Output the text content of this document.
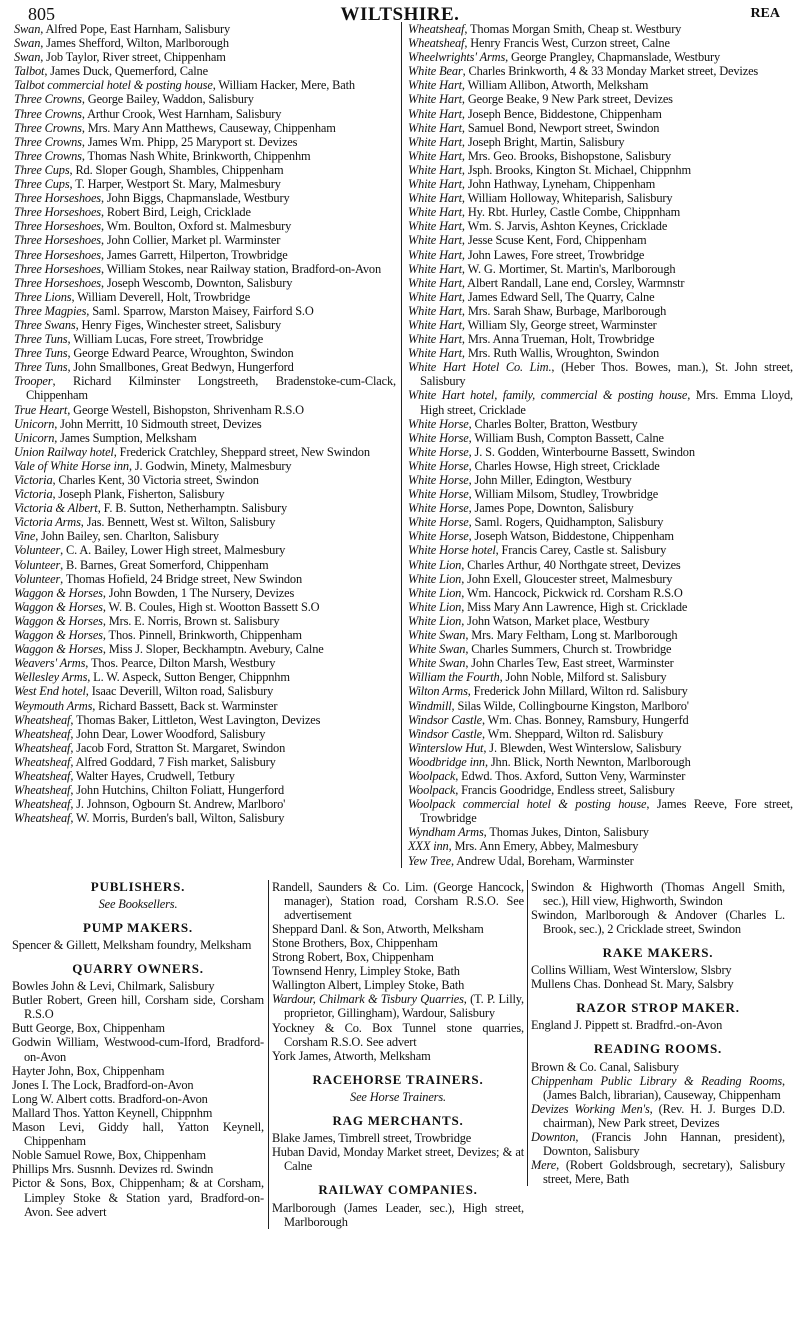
805	WILTSHIRE.	REA
Swan, Alfred Pope, East Harnham, Salisbury
Swan, James Shefford, Wilton, Marlborough
Swan, Job Taylor, River street, Chippenham
Talbot, James Duck, Quemerford, Calne
Talbot commercial hotel & posting house, William Hacker, Mere, Bath
Three Crowns, George Bailey, Waddon, Salisbury
Three Crowns, Arthur Crook, West Harnham, Salisbury
Three Crowns, Mrs. Mary Ann Matthews, Causeway, Chippenham
Three Crowns, James Wm. Phipp, 25 Maryport st. Devizes
Three Crowns, Thomas Nash White, Brinkworth, Chippenhm
Three Cups, Rd. Sloper Gough, Shambles, Chippenham
Three Cups, T. Harper, Westport St. Mary, Malmesbury
Three Horseshoes, John Biggs, Chapmanslade, Westbury
Three Horseshoes, Robert Bird, Leigh, Cricklade
Three Horseshoes, Wm. Boulton, Oxford st. Malmesbury
Three Horseshoes, John Collier, Market pl. Warminster
Three Horseshoes, James Garrett, Hilperton, Trowbridge
Three Horseshoes, William Stokes, near Railway station, Bradford-on-Avon
Three Horseshoes, Joseph Wescomb, Downton, Salisbury
Three Lions, William Deverell, Holt, Trowbridge
Three Magpies, Saml. Sparrow, Marston Maisey, Fairford S.O
Three Swans, Henry Figes, Winchester street, Salisbury
Three Tuns, William Lucas, Fore street, Trowbridge
Three Tuns, George Edward Pearce, Wroughton, Swindon
Three Tuns, John Smallbones, Great Bedwyn, Hungerford
Trooper, Richard Kilminster Longstreeth, Bradenstoke-cum-Clack, Chippenham
True Heart, George Westell, Bishopston, Shrivenham R.S.O
Unicorn, John Merritt, 10 Sidmouth street, Devizes
Unicorn, James Sumption, Melksham
Union Railway hotel, Frederick Cratchley, Sheppard street, New Swindon
Vale of White Horse inn, J. Godwin, Minety, Malmesbury
Victoria, Charles Kent, 30 Victoria street, Swindon
Victoria, Joseph Plank, Fisherton, Salisbury
Victoria & Albert, F. B. Sutton, Netherhamptn. Salisbury
Victoria Arms, Jas. Bennett, West st. Wilton, Salisbury
Vine, John Bailey, sen. Charlton, Salisbury
Volunteer, C. A. Bailey, Lower High street, Malmesbury
Volunteer, B. Barnes, Great Somerford, Chippenham
Volunteer, Thomas Hofield, 24 Bridge street, New Swindon
Waggon & Horses, John Bowden, 1 The Nursery, Devizes
Waggon & Horses, W. B. Coules, High st. Wootton Bassett S.O
Waggon & Horses, Mrs. E. Norris, Brown st. Salisbury
Waggon & Horses, Thos. Pinnell, Brinkworth, Chippenham
Waggon & Horses, Miss J. Sloper, Beckhamptn. Avebury, Calne
Weavers' Arms, Thos. Pearce, Dilton Marsh, Westbury
Wellesley Arms, L. W. Aspeck, Sutton Benger, Chippnhm
West End hotel, Isaac Deverill, Wilton road, Salisbury
Weymouth Arms, Richard Bassett, Back st. Warminster
Wheatsheaf, Thomas Baker, Littleton, West Lavington, Devizes
Wheatsheaf, John Dear, Lower Woodford, Salisbury
Wheatsheaf, Jacob Ford, Stratton St. Margaret, Swindon
Wheatsheaf, Alfred Goddard, 7 Fish market, Salisbury
Wheatsheaf, Walter Hayes, Crudwell, Tetbury
Wheatsheaf, John Hutchins, Chilton Foliatt, Hungerford
Wheatsheaf, J. Johnson, Ogbourn St. Andrew, Marlboro'
Wheatsheaf, W. Morris, Burden's ball, Wilton, Salisbury
Wheatsheaf, Thomas Morgan Smith, Cheap st. Westbury
Wheatsheaf, Henry Francis West, Curzon street, Calne
Wheelwrights' Arms, George Prangley, Chapmanslade, Westbury
White Bear, Charles Brinkworth, 4 & 33 Monday Market street, Devizes
White Hart, William Allibon, Atworth, Melksham
White Hart, George Beake, 9 New Park street, Devizes
White Hart, Joseph Bence, Biddestone, Chippenham
White Hart, Samuel Bond, Newport street, Swindon
White Hart, Joseph Bright, Martin, Salisbury
White Hart, Mrs. Geo. Brooks, Bishopstone, Salisbury
White Hart, Jsph. Brooks, Kington St. Michael, Chippnhm
White Hart, John Hathway, Lyneham, Chippenham
White Hart, William Holloway, Whiteparish, Salisbury
White Hart, Hy. Rbt. Hurley, Castle Combe, Chippnham
White Hart, Wm. S. Jarvis, Ashton Keynes, Cricklade
White Hart, Jesse Scuse Kent, Ford, Chippenham
White Hart, John Lawes, Fore street, Trowbridge
White Hart, W. G. Mortimer, St. Martin's, Marlborough
White Hart, Albert Randall, Lane end, Corsley, Warmnstr
White Hart, James Edward Sell, The Quarry, Calne
White Hart, Mrs. Sarah Shaw, Burbage, Marlborough
White Hart, William Sly, George street, Warminster
White Hart, Mrs. Anna Trueman, Holt, Trowbridge
White Hart, Mrs. Ruth Wallis, Wroughton, Swindon
White Hart Hotel Co. Lim., (Heber Thos. Bowes, man.), St. John street, Salisbury
White Hart hotel, family, commercial & posting house, Mrs. Emma Lloyd, High street, Cricklade
White Horse, Charles Bolter, Bratton, Westbury
White Horse, William Bush, Compton Bassett, Calne
White Horse, J. S. Godden, Winterbourne Bassett, Swindon
White Horse, Charles Howse, High street, Cricklade
White Horse, John Miller, Edington, Westbury
White Horse, William Milsom, Studley, Trowbridge
White Horse, James Pope, Downton, Salisbury
White Horse, Saml. Rogers, Quidhampton, Salisbury
White Horse, Joseph Watson, Biddestone, Chippenham
White Horse hotel, Francis Carey, Castle st. Salisbury
White Lion, Charles Arthur, 40 Northgate street, Devizes
White Lion, John Exell, Gloucester street, Malmesbury
White Lion, Wm. Hancock, Pickwick rd. Corsham R.S.O
White Lion, Miss Mary Ann Lawrence, High st. Cricklade
White Lion, John Watson, Market place, Westbury
White Swan, Mrs. Mary Feltham, Long st. Marlborough
White Swan, Charles Summers, Church st. Trowbridge
White Swan, John Charles Tew, East street, Warminster
William the Fourth, John Noble, Milford st. Salisbury
Wilton Arms, Frederick John Millard, Wilton rd. Salisbury
Windmill, Silas Wilde, Collingbourne Kingston, Marlboro'
Windsor Castle, Wm. Chas. Bonney, Ramsbury, Hungerfd
Windsor Castle, Wm. Sheppard, Wilton rd. Salisbury
Winterslow Hut, J. Blewden, West Winterslow, Salisbury
Woodbridge inn, Jhn. Blick, North Newnton, Marlborough
Woolpack, Edwd. Thos. Axford, Sutton Veny, Warminster
Woolpack, Francis Goodridge, Endless street, Salisbury
Woolpack commercial hotel & posting house, James Reeve, Fore street, Trowbridge
Wyndham Arms, Thomas Jukes, Dinton, Salisbury
XXX inn, Mrs. Ann Emery, Abbey, Malmesbury
Yew Tree, Andrew Udal, Boreham, Warminster
PUBLISHERS.
See Booksellers.
PUMP MAKERS.
Spencer & Gillett, Melksham foundry, Melksham
QUARRY OWNERS.
Bowles John & Levi, Chilmark, Salisbury
Butler Robert, Green hill, Corsham side, Corsham R.S.O
Butt George, Box, Chippenham
Godwin William, Westwood-cum-Iford, Bradford-on-Avon
Hayter John, Box, Chippenham
Jones I. The Lock, Bradford-on-Avon
Long W. Albert cotts. Bradford-on-Avon
Mallard Thos. Yatton Keynell, Chippnhm
Mason Levi, Giddy hall, Yatton Keynell, Chippenham
Noble Samuel Rowe, Box, Chippenham
Phillips Mrs. Susnnh. Devizes rd. Swindn
Pictor & Sons, Box, Chippenham; & at Corsham, Limpley Stoke & Station yard, Bradford-on-Avon. See advert
Randell, Saunders & Co. Lim. (George Hancock, manager), Station road, Corsham R.S.O. See advertisement
Sheppard Danl. & Son, Atworth, Melksham
Stone Brothers, Box, Chippenham
Strong Robert, Box, Chippenham
Townsend Henry, Limpley Stoke, Bath
Wallington Albert, Limpley Stoke, Bath
Wardour, Chilmark & Tisbury Quarries, (T. P. Lilly, proprietor, Gillingham), Wardour, Salisbury
Yockney & Co. Box Tunnel stone quarries, Corsham R.S.O. See advert
York James, Atworth, Melksham
RACEHORSE TRAINERS.
See Horse Trainers.
RAG MERCHANTS.
Blake James, Timbrell street, Trowbridge
Huban David, Monday Market street, Devizes; & at Calne
RAILWAY COMPANIES.
Marlborough (James Leader, sec.), High street, Marlborough
Swindon & Highworth (Thomas Angell Smith, sec.), Hill view, Highworth, Swindon
Swindon, Marlborough & Andover (Charles L. Brook, sec.), 2 Cricklade street, Swindon
RAKE MAKERS.
Collins William, West Winterslow, Slsbry
Mullens Chas. Donhead St. Mary, Salsbry
RAZOR STROP MAKER.
England J. Pippett st. Bradfrd.-on-Avon
READING ROOMS.
Brown & Co. Canal, Salisbury
Chippenham Public Library & Reading Rooms, (James Balch, librarian), Causeway, Chippenham
Devizes Working Men's, (Rev. H. J. Burges D.D. chairman), New Park street, Devizes
Downton, (Francis John Hannan, president), Downton, Salisbury
Mere, (Robert Goldsbrough, secretary), Salisbury street, Mere, Bath
